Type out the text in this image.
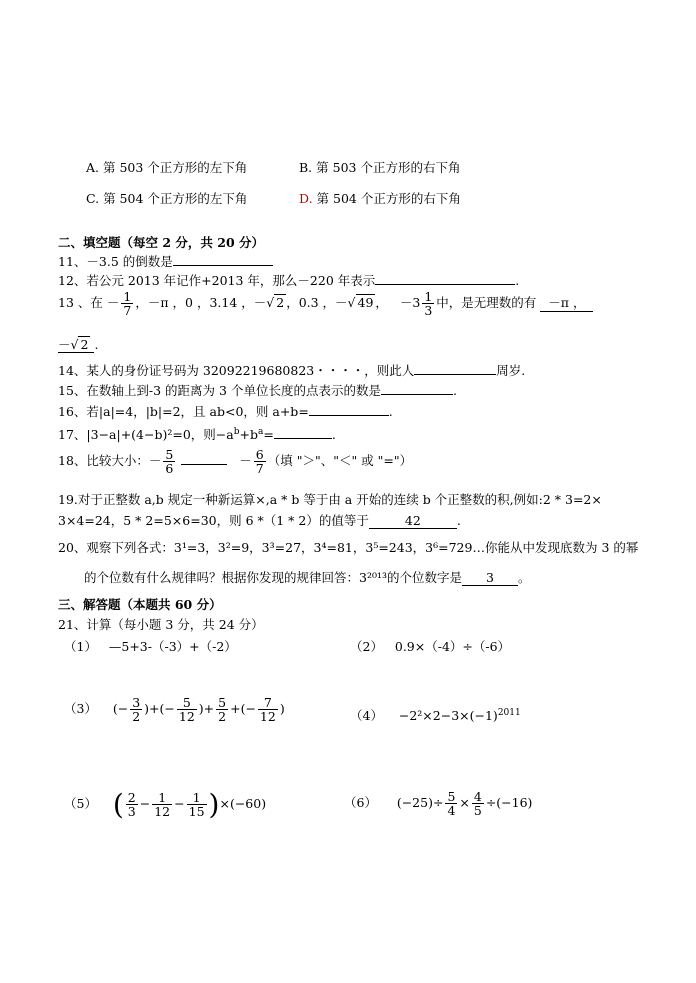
A. 第 503 个正方形的左下角	B. 第 503 个正方形的右下角
C. 第 504 个正方形的左下角	D. 第 504 个正方形的右下角
二、填空题（每空 2 分，共 20 分）
11、－3.5 的倒数是
12、若公元 2013 年记作+2013 年，那么－220 年表示	.
13 、在 － $\frac{1}{7}$ ，－π ，0 ，3.14 ，－√ 2 ，0.3 ，－√ 49 ， $-3 \frac{1}{3}$ 中，是无理数的有 －π ，
－√ 2 .
14、某人的身份证号码为 32092219680823・・・・，则此人	周岁.
15、在数轴上到-3 的距离为 3 个单位长度的点表示的数是	.
16、若|a|=4，|b|=2，且 ab<0，则 a+b=	.
17、|3−a|+(4−b)²=0，则$-a^b+b^a=$	.
18、比较大小：－ $\frac{5}{6}$	－ $\frac{6}{7}$ （填 "＞"、"＜" 或 "="）
19.对于正整数 a,b 规定一种新运算×,a * b 等于由 a 开始的连续 b 个正整数的积,例如:2 * 3=2×
3×4=24，5 * 2=5×6=30，则 6 *（1 * 2）的值等于	42	.
20、观察下列各式：3¹=3，3²=9，3³=27，3⁴=81，3⁵=243，3⁶=729…你能从中发现底数为 3 的幂
的个位数有什么规律吗？根据你发现的规律回答：3²⁰¹³的个位数字是 3 。
三、解答题（本题共 60 分）
21、计算（每小题 3 分，共 24 分）
（1） —5+3-（-3）+（-2）	（2） 0.9×（-4）÷（-6）
（3） (− $\frac{3}{2}$ )+(− $\frac{5}{12}$ )+ $\frac{5}{2}$ +(− $\frac{7}{12}$ )	$(4) -2^2\times 2-3\times(-1)^{2011}$
（5） ( $\frac{2}{3} - \frac{1}{12} - \frac{1}{15} )\times(-60)$	（6） $(-25)\div \frac{5}{4} \times \frac{4}{5} \div(-16)$
